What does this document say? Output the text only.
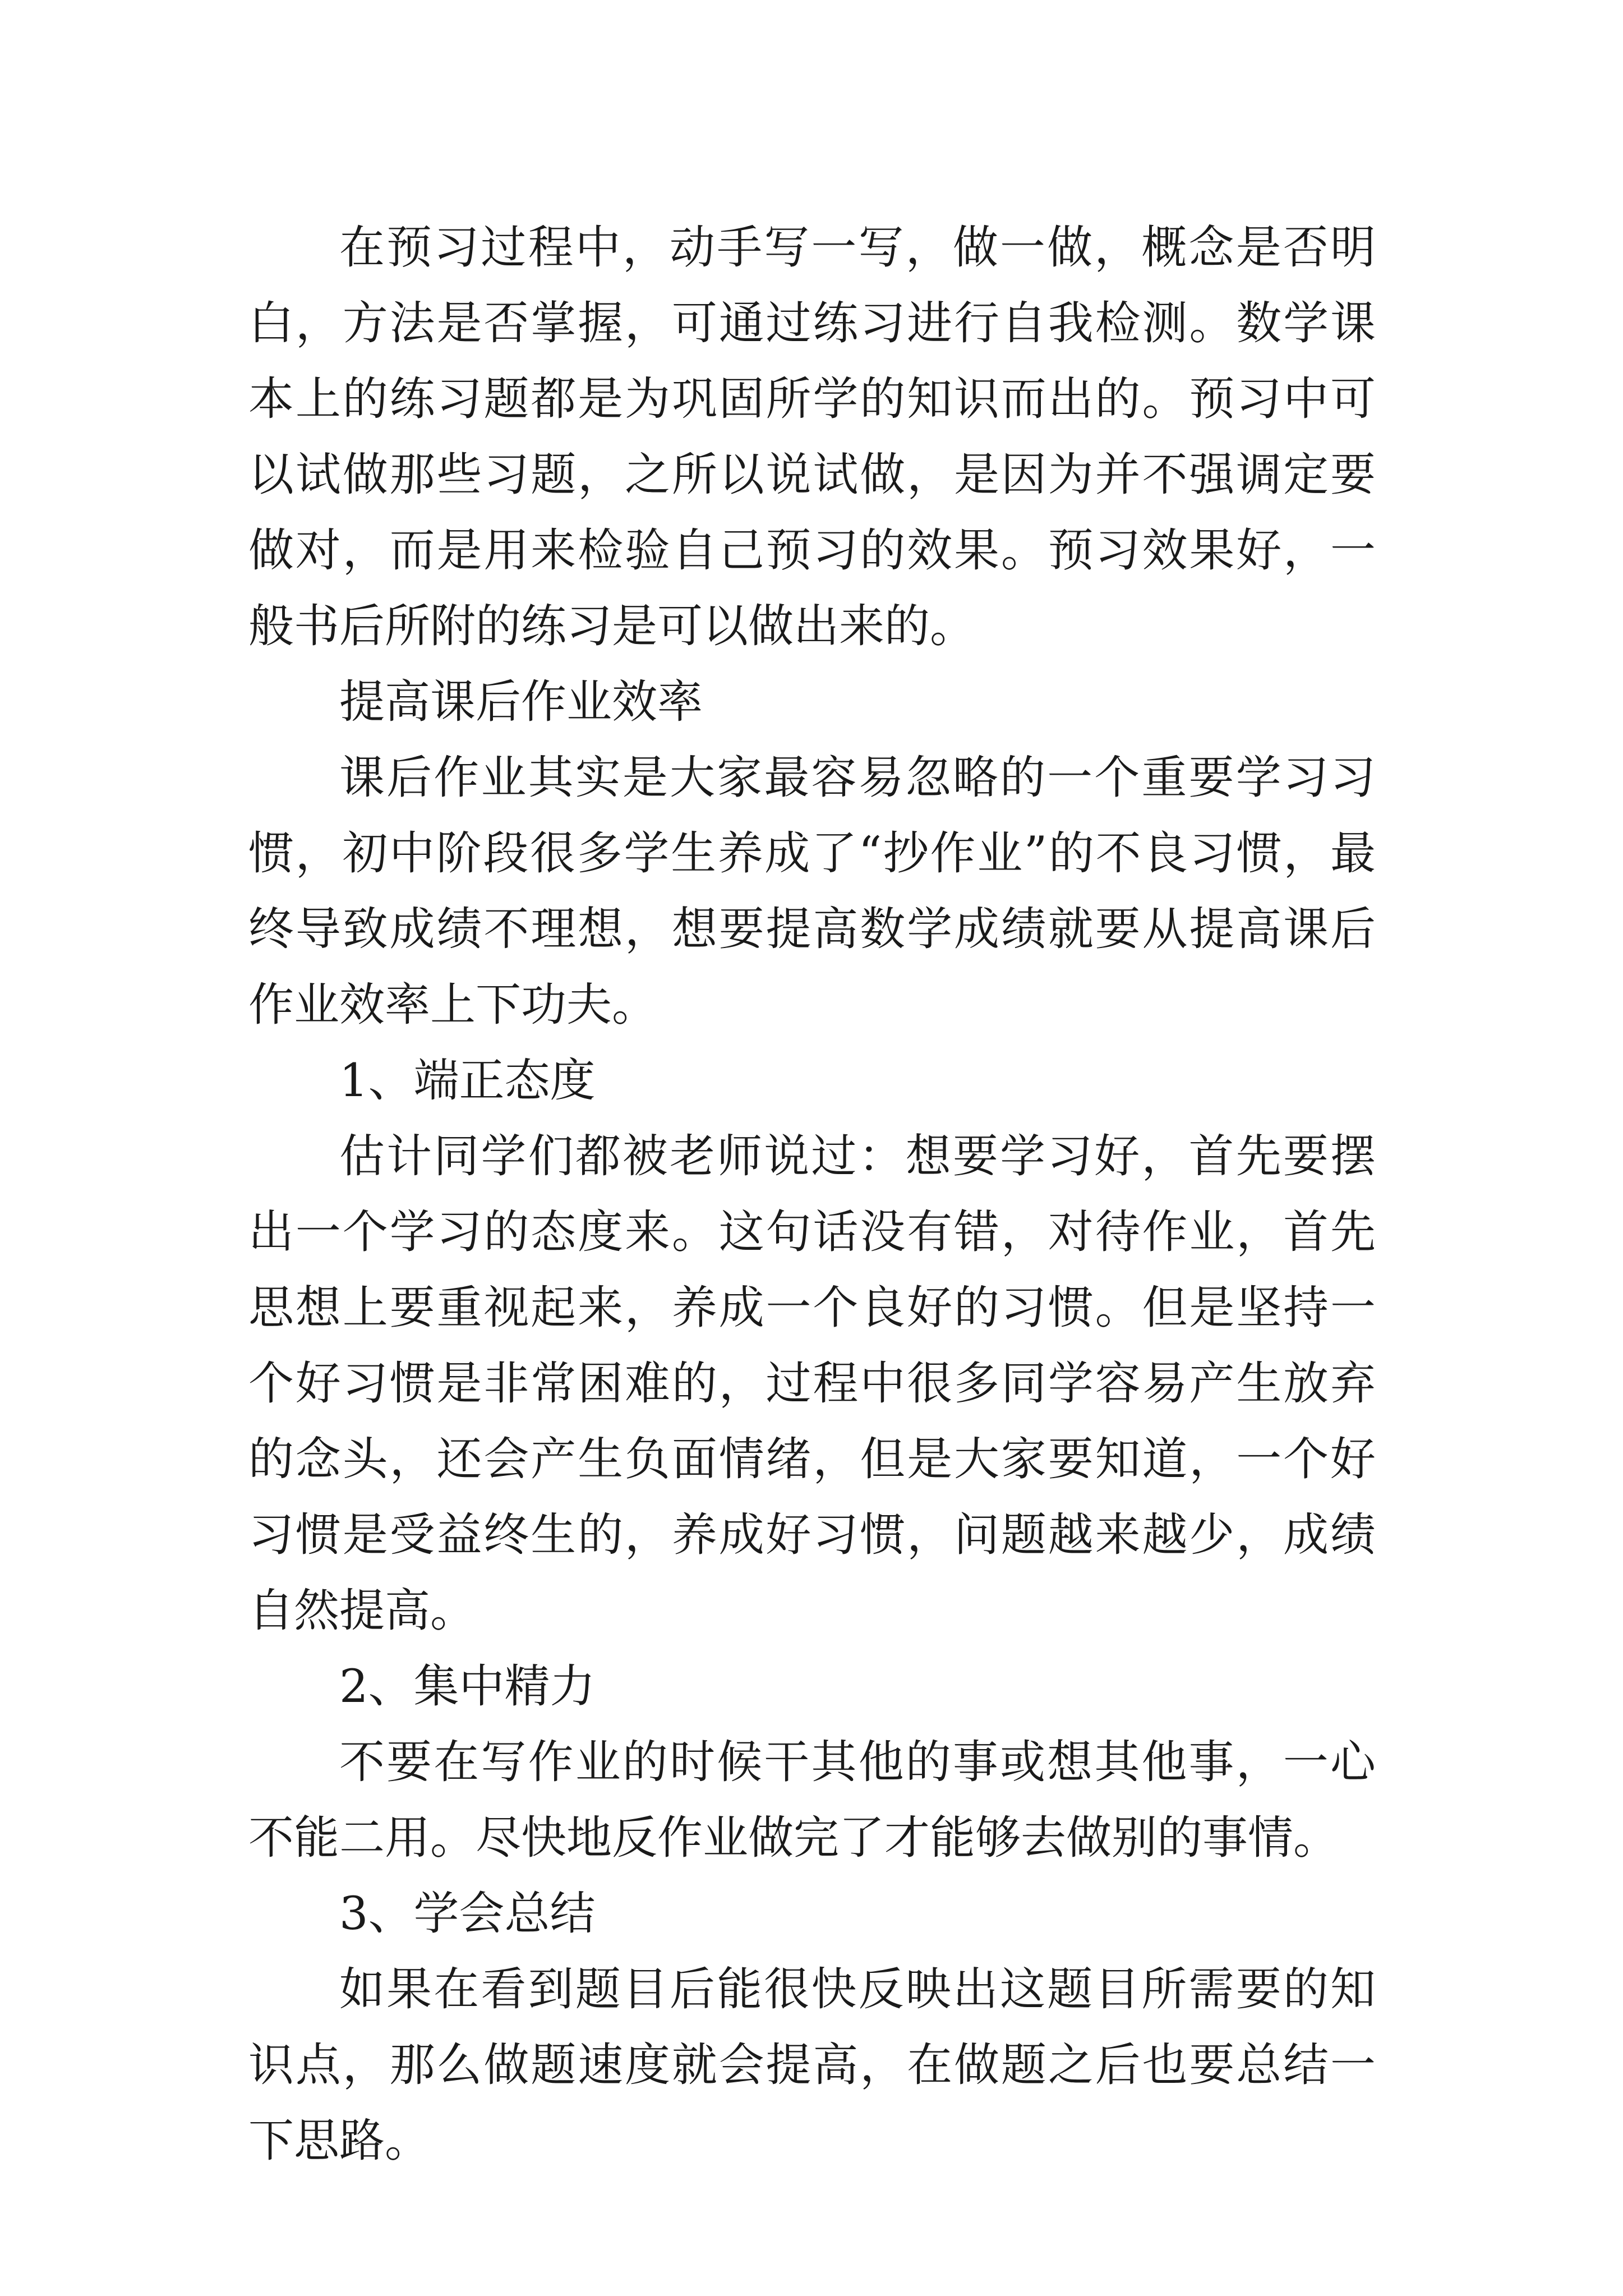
在预习过程中，动手写一写，做一做，概念是否明白，方法是否掌握，可通过练习进行自我检测。数学课本上的练习题都是为巩固所学的知识而出的。预习中可以试做那些习题，之所以说试做，是因为并不强调定要做对，而是用来检验自己预习的效果。预习效果好，一般书后所附的练习是可以做出来的。

提高课后作业效率

课后作业其实是大家最容易忽略的一个重要学习习惯，初中阶段很多学生养成了“抄作业”的不良习惯，最终导致成绩不理想，想要提高数学成绩就要从提高课后作业效率上下功夫。

1、端正态度

估计同学们都被老师说过：想要学习好，首先要摆出一个学习的态度来。这句话没有错，对待作业，首先思想上要重视起来，养成一个良好的习惯。但是坚持一个好习惯是非常困难的，过程中很多同学容易产生放弃的念头，还会产生负面情绪，但是大家要知道，一个好习惯是受益终生的，养成好习惯，问题越来越少，成绩自然提高。

2、集中精力

不要在写作业的时候干其他的事或想其他事，一心不能二用。尽快地反作业做完了才能够去做别的事情。

3、学会总结

如果在看到题目后能很快反映出这题目所需要的知识点，那么做题速度就会提高，在做题之后也要总结一下思路。
